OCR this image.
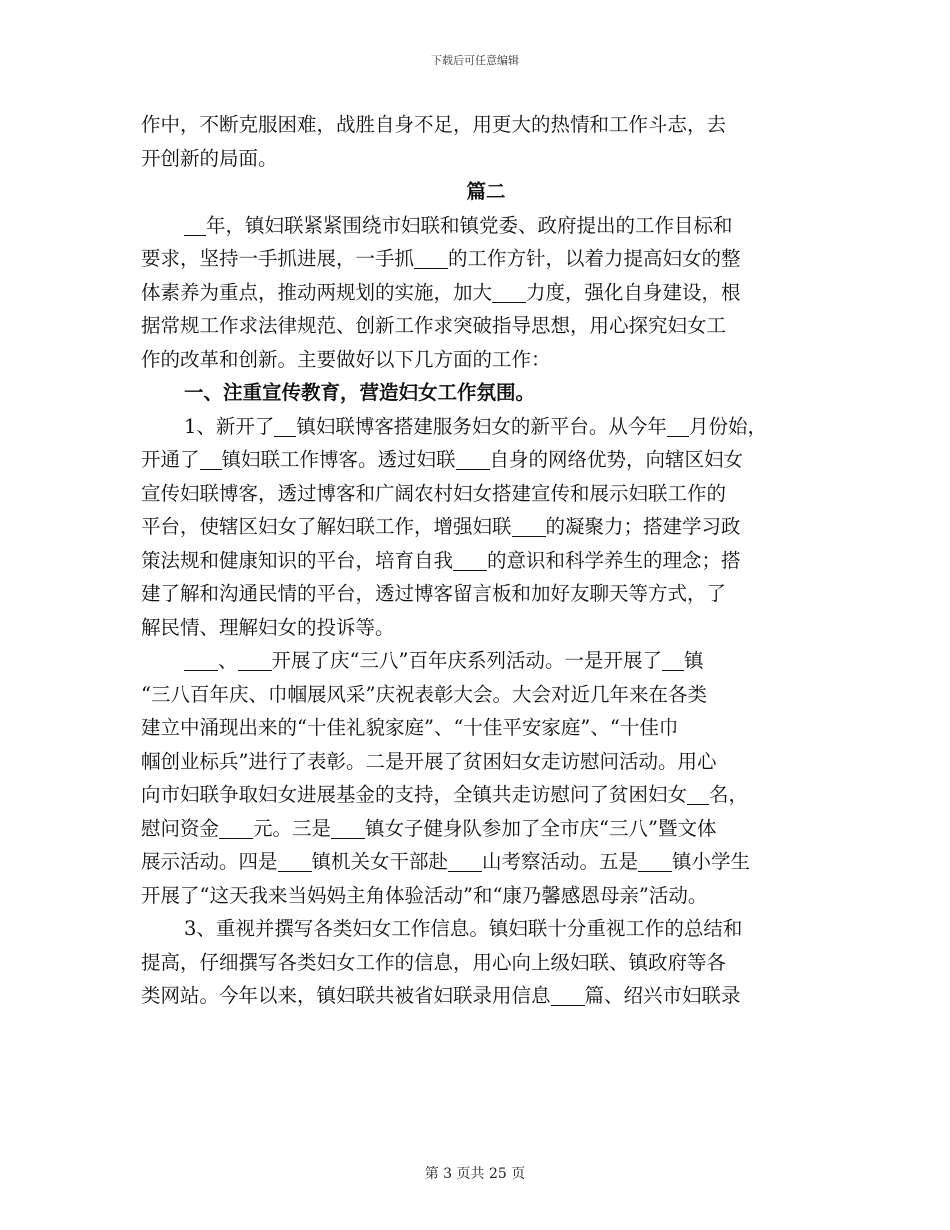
下载后可任意编辑
作中，不断克服困难，战胜自身不足，用更大的热情和工作斗志，去
开创新的局面。
篇二
年，镇妇联紧紧围绕市妇联和镇党委、政府提出的工作目标和
要求，坚持一手抓进展，一手抓 的工作方针，以着力提高妇女的整
体素养为重点，推动两规划的实施，加大 力度，强化自身建设，根
据常规工作求法律规范、创新工作求突破指导思想，用心探究妇女工
作的改革和创新。主要做好以下几方面的工作：
一、注重宣传教育，营造妇女工作氛围。
1、新开了 镇妇联博客搭建服务妇女的新平台。从今年 月份始，
开通了 镇妇联工作博客。透过妇联 自身的网络优势，向辖区妇女
宣传妇联博客，透过博客和广阔农村妇女搭建宣传和展示妇联工作的
平台，使辖区妇女了解妇联工作，增强妇联 的凝聚力；搭建学习政
策法规和健康知识的平台，培育自我 的意识和科学养生的理念；搭
建了解和沟通民情的平台，透过博客留言板和加好友聊天等方式，了
解民情、理解妇女的投诉等。
、 开展了庆“三八”百年庆系列活动。一是开展了 镇
“三八百年庆、巾帼展风采”庆祝表彰大会。大会对近几年来在各类
建立中涌现出来的“十佳礼貌家庭”、“十佳平安家庭”、“十佳巾
帼创业标兵”进行了表彰。二是开展了贫困妇女走访慰问活动。用心
向市妇联争取妇女进展基金的支持，全镇共走访慰问了贫困妇女 名，
慰问资金 元。三是 镇女子健身队参加了全市庆“三八”暨文体
展示活动。四是 镇机关女干部赴 山考察活动。五是 镇小学生
开展了“这天我来当妈妈主角体验活动”和“康乃馨感恩母亲”活动。
3、重视并撰写各类妇女工作信息。镇妇联十分重视工作的总结和
提高，仔细撰写各类妇女工作的信息，用心向上级妇联、镇政府等各
类网站。今年以来，镇妇联共被省妇联录用信息 篇、绍兴市妇联录
第 3 页共 25 页
